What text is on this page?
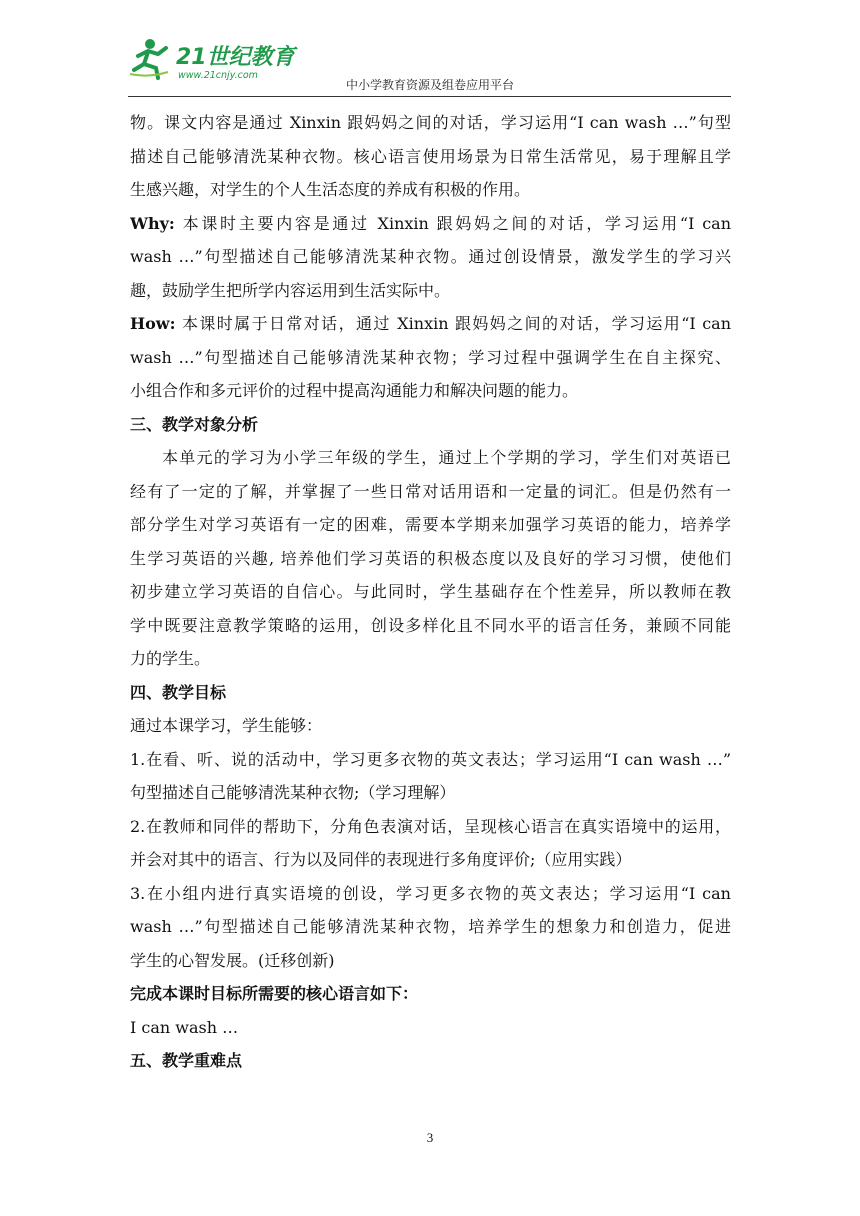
21世纪教育
www.21cnjy.com
中小学教育资源及组卷应用平台
物。课文内容是通过 Xinxin 跟妈妈之间的对话，学习运用“I can wash …”句型
描述自己能够清洗某种衣物。核心语言使用场景为日常生活常见，易于理解且学
生感兴趣，对学生的个人生活态度的养成有积极的作用。
Why: 本课时主要内容是通过 Xinxin 跟妈妈之间的对话，学习运用“I can
wash …”句型描述自己能够清洗某种衣物。通过创设情景，激发学生的学习兴
趣，鼓励学生把所学内容运用到生活实际中。
How: 本课时属于日常对话，通过 Xinxin 跟妈妈之间的对话，学习运用“I can
wash …”句型描述自己能够清洗某种衣物；学习过程中强调学生在自主探究、
小组合作和多元评价的过程中提高沟通能力和解决问题的能力。
三、教学对象分析
本单元的学习为小学三年级的学生，通过上个学期的学习，学生们对英语已
经有了一定的了解，并掌握了一些日常对话用语和一定量的词汇。但是仍然有一
部分学生对学习英语有一定的困难，需要本学期来加强学习英语的能力，培养学
生学习英语的兴趣, 培养他们学习英语的积极态度以及良好的学习习惯，使他们
初步建立学习英语的自信心。与此同时，学生基础存在个性差异，所以教师在教
学中既要注意教学策略的运用，创设多样化且不同水平的语言任务，兼顾不同能
力的学生。
四、教学目标
通过本课学习，学生能够：
1.在看、听、说的活动中，学习更多衣物的英文表达；学习运用“I can wash …”
句型描述自己能够清洗某种衣物;（学习理解）
2.在教师和同伴的帮助下，分角色表演对话，呈现核心语言在真实语境中的运用，
并会对其中的语言、行为以及同伴的表现进行多角度评价;（应用实践）
3.在小组内进行真实语境的创设，学习更多衣物的英文表达；学习运用“I can
wash …”句型描述自己能够清洗某种衣物，培养学生的想象力和创造力，促进
学生的心智发展。(迁移创新)
完成本课时目标所需要的核心语言如下：
I can wash …
五、教学重难点
3
